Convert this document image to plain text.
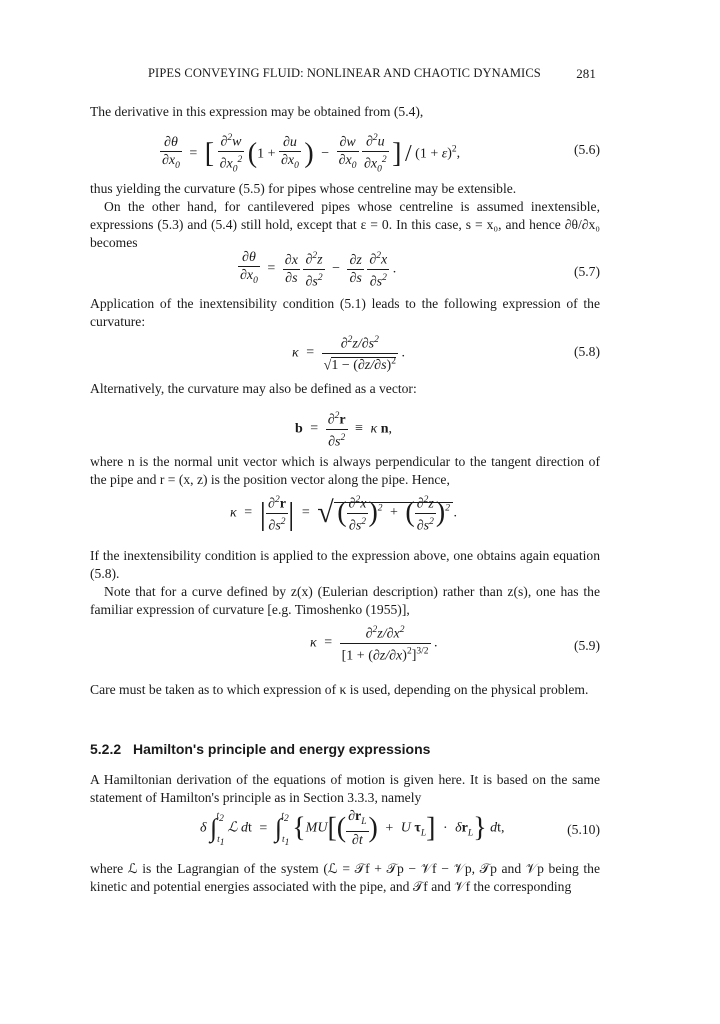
PIPES CONVEYING FLUID: NONLINEAR AND CHAOTIC DYNAMICS	281
The derivative in this expression may be obtained from (5.4),
$\frac{\partial\theta}{\partial x_0}$ = [ $\frac{\partial^2w}{\partial x_0^2} (1 + \frac{\partial u}{\partial x_0}$ ) − $\frac{\partial w}{\partial x_0}$
$\frac{\partial^2u}{\partial x_0^2}$ ] / $(1 + \varepsilon)^2$,	(5.6)
thus yielding the curvature (5.5) for pipes whose centreline may be extensible.
On the other hand, for cantilevered pipes whose centreline is assumed inextensible, expressions (5.3) and (5.4) still hold, except that ε = 0. In this case, s = x₀, and hence ∂θ/∂x₀ becomes
$\frac{\partial\theta}{\partial x_0} = \frac{\partial x}{\partial s}$
$\frac{\partial^2z}{\partial s^2} - \frac{\partial z}{\partial s}$
$\frac{\partial^2x}{\partial s^2}$ .	(5.7)
Application of the inextensibility condition (5.1) leads to the following expression of the curvature:
$\kappa = \frac{\partial^2z/\partial s^2}{√1 - (\partial z/\partial s)^2}$ .	(5.8)
Alternatively, the curvature may also be defined as a vector:
$b = \frac{\partial^2r}{\partial s^2} \equiv \kappa$ n,
where n is the normal unit vector which is always perpendicular to the tangent direction of the pipe and r = (x, z) is the position vector along the pipe. Hence,
κ = | $\frac{\partial^2r}{\partial s^2}$ | = √ ( $\frac{\partial^2x}{\partial s^2} )^2$ + ( $\frac{\partial^2z}{\partial s^2} )^2$ .
If the inextensibility condition is applied to the expression above, one obtains again equation (5.8).
Note that for a curve defined by z(x) (Eulerian description) rather than z(s), one has the familiar expression of curvature [e.g. Timoshenko (1955)],
$\kappa = \frac{\partial^2z/\partial x^2}{[1 + (\partial z/\partial x)^2]^{3/2}}$ .	(5.9)
Care must be taken as to which expression of κ is used, depending on the physical problem.
5.2.2 Hamilton's principle and energy expressions
A Hamiltonian derivation of the equations of motion is given here. It is based on the same statement of Hamilton's principle as in Section 3.3.3, namely
δ $\int_{t_1}^{t_2}$ ℒ dt = $\int_{t_1}^{t_2}$ {$MU[( \frac{\partial r_L}{\partial t}$ ) + U $\tau_L] \cdot \delta r_L$} dt,	(5.10)
where ℒ is the Lagrangian of the system (ℒ = 𝒯f + 𝒯p − 𝒱f − 𝒱p, 𝒯p and 𝒱p being the kinetic and potential energies associated with the pipe, and 𝒯f and 𝒱f the corresponding
